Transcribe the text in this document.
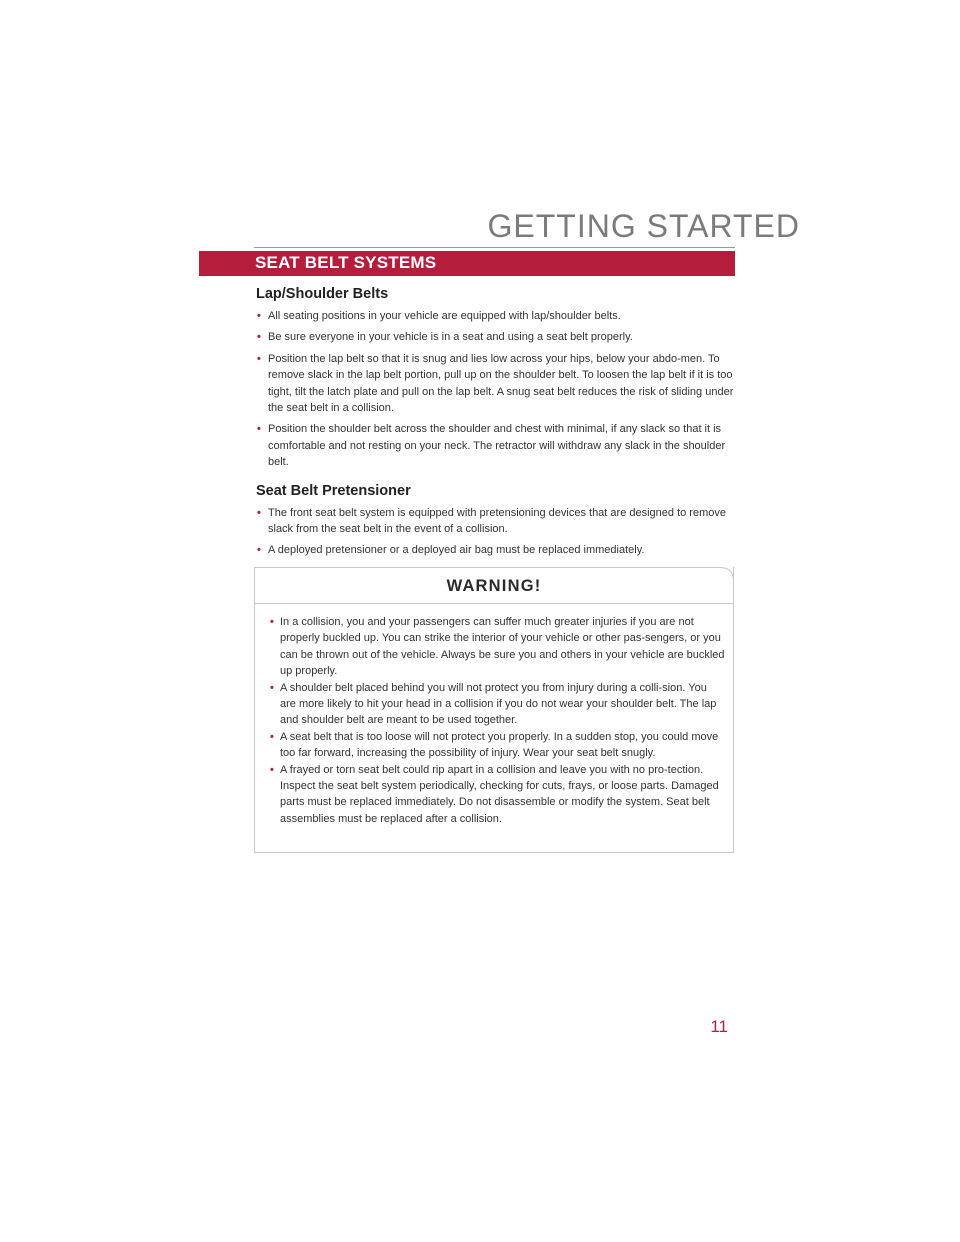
GETTING STARTED
SEAT BELT SYSTEMS
Lap/Shoulder Belts
• All seating positions in your vehicle are equipped with lap/shoulder belts.
• Be sure everyone in your vehicle is in a seat and using a seat belt properly.
• Position the lap belt so that it is snug and lies low across your hips, below your abdo-men. To remove slack in the lap belt portion, pull up on the shoulder belt. To loosen the lap belt if it is too tight, tilt the latch plate and pull on the lap belt. A snug seat belt reduces the risk of sliding under the seat belt in a collision.
• Position the shoulder belt across the shoulder and chest with minimal, if any slack so that it is comfortable and not resting on your neck. The retractor will withdraw any slack in the shoulder belt.
Seat Belt Pretensioner
• The front seat belt system is equipped with pretensioning devices that are designed to remove slack from the seat belt in the event of a collision.
• A deployed pretensioner or a deployed air bag must be replaced immediately.
WARNING!
• In a collision, you and your passengers can suffer much greater injuries if you are not properly buckled up. You can strike the interior of your vehicle or other pas-sengers, or you can be thrown out of the vehicle. Always be sure you and others in your vehicle are buckled up properly.
• A shoulder belt placed behind you will not protect you from injury during a colli-sion. You are more likely to hit your head in a collision if you do not wear your shoulder belt. The lap and shoulder belt are meant to be used together.
• A seat belt that is too loose will not protect you properly. In a sudden stop, you could move too far forward, increasing the possibility of injury. Wear your seat belt snugly.
• A frayed or torn seat belt could rip apart in a collision and leave you with no pro-tection. Inspect the seat belt system periodically, checking for cuts, frays, or loose parts. Damaged parts must be replaced immediately. Do not disassemble or modify the system. Seat belt assemblies must be replaced after a collision.
11
